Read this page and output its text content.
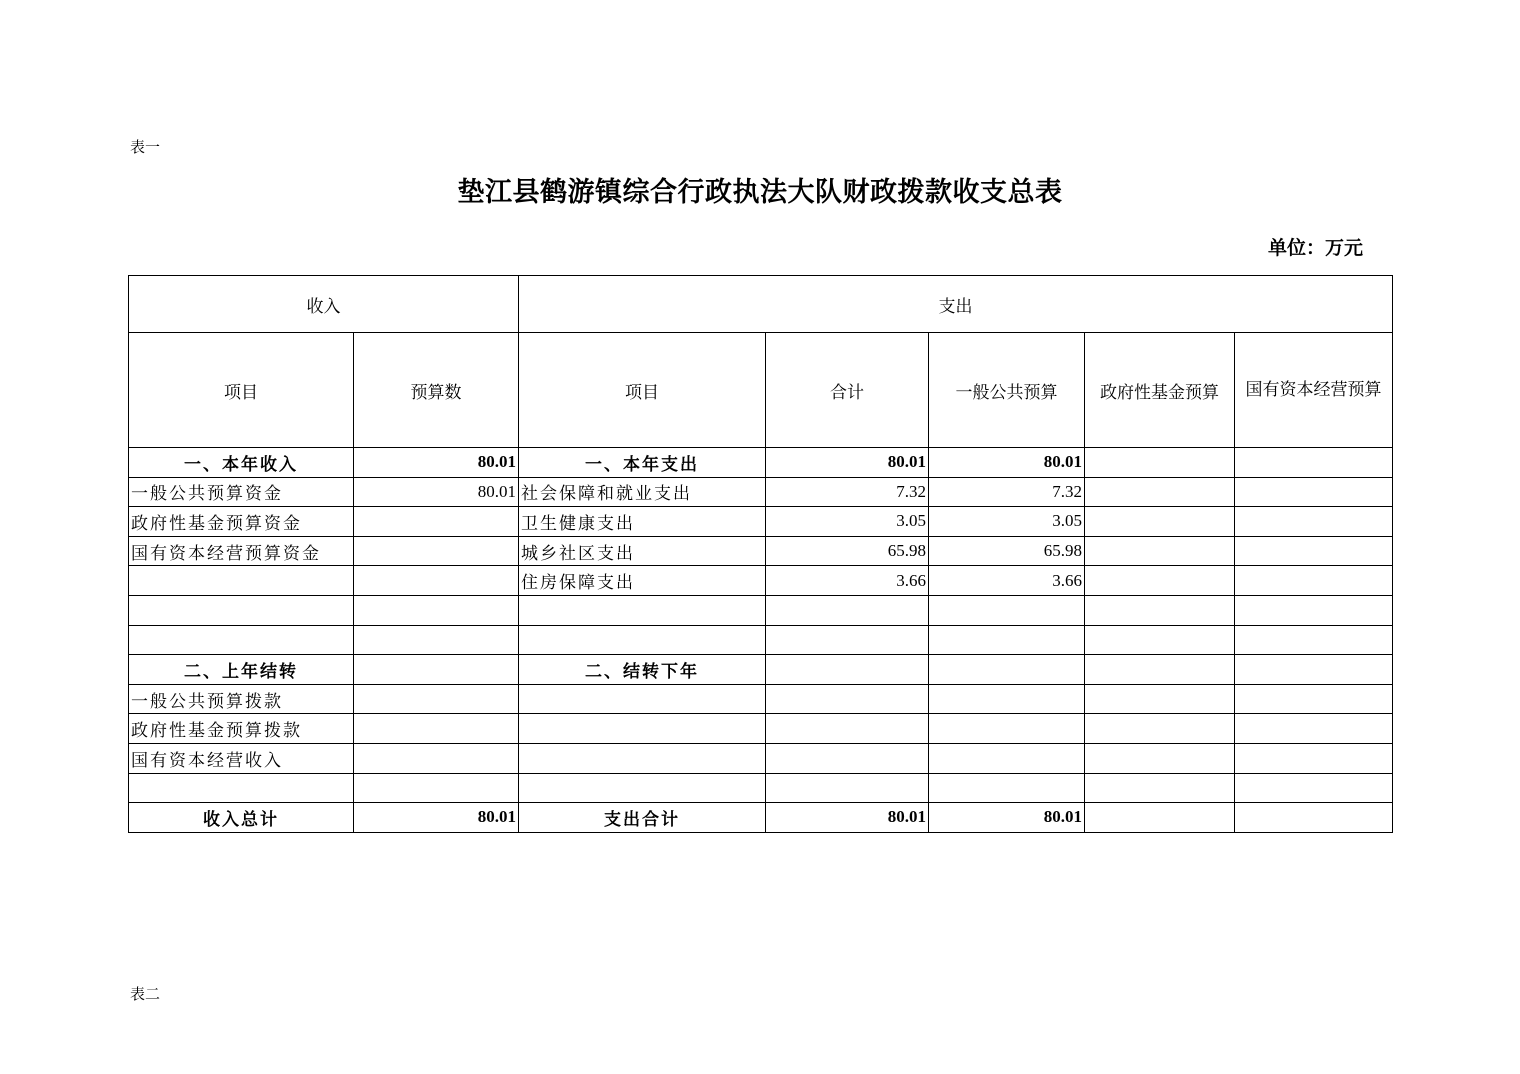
表一
垫江县鹤游镇综合行政执法大队财政拨款收支总表
单位：万元
收入		支出				
项目	预算数	项目	合计	一般公共预算	政府性基金预算	国有资本经营预算
一、本年收入	80.01	一、本年支出	80.01	80.01		
一般公共预算资金	80.01	社会保障和就业支出	7.32	7.32		
政府性基金预算资金		卫生健康支出	3.05	3.05		
国有资本经营预算资金		城乡社区支出	65.98	65.98		
		住房保障支出	3.66	3.66		

二、上年结转		二、结转下年				
一般公共预算拨款						
政府性基金预算拨款						
国有资本经营收入						

收入总计	80.01	支出合计	80.01	80.01		
表二
